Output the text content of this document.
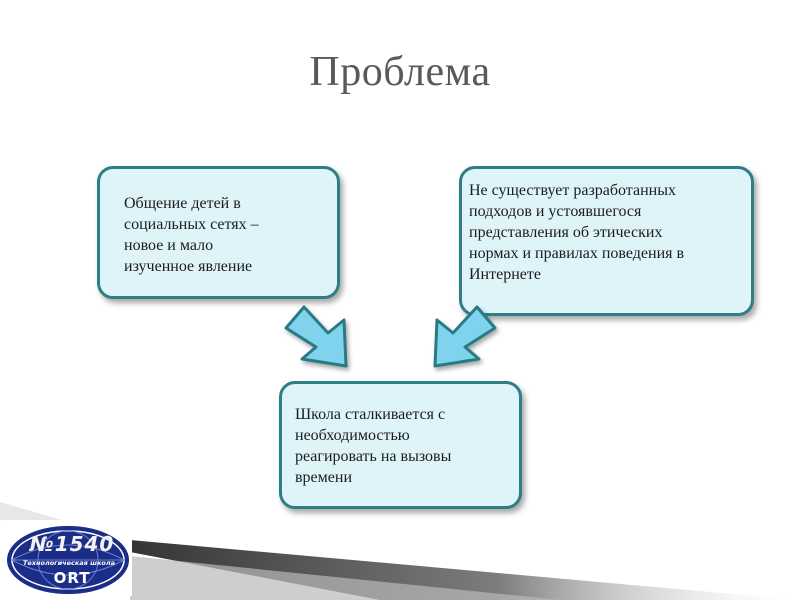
Проблема
Общение детей в
социальных сетях –
новое и мало
изученное явление
Не существует разработанных
подходов и устоявшегося
представления об этических
нормах и правилах поведения в
Интернете
Школа сталкивается с
необходимостью
реагировать на вызовы
времени
№1540
Технологическая школа
ORT
